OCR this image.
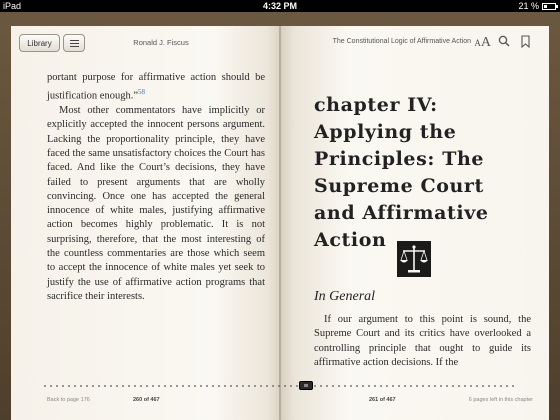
iPad	4:32 PM	21 %
Library	Ronald J. Fiscus

portant purpose for affirmative action should be justification enough.”$^{58}$

Most other commentators have implicitly or explicitly accepted the innocent persons argument. Lacking the proportionality principle, they have faced the same unsatisfactory choices the Court has faced. And like the Court’s decisions, they have failed to present arguments that are wholly convincing. Once one has accepted the general innocence of white males, justifying affirmative action becomes highly problematic. It is not surprising, therefore, that the most interesting of the countless commentaries are those which seem to accept the innocence of white males yet seek to justify the use of affirmative action programs that sacrifice their interests.

Back to page 176	260 of 467
The Constitutional Logic of Affirmative Action AA
chapter IV: Applying the Principles: The Supreme Court and Affirmative Action
In General
If our argument to this point is sound, the Supreme Court and its critics have overlooked a controlling principle that ought to guide its affirmative action decisions. If the
261 of 467	6 pages left in this chapter
